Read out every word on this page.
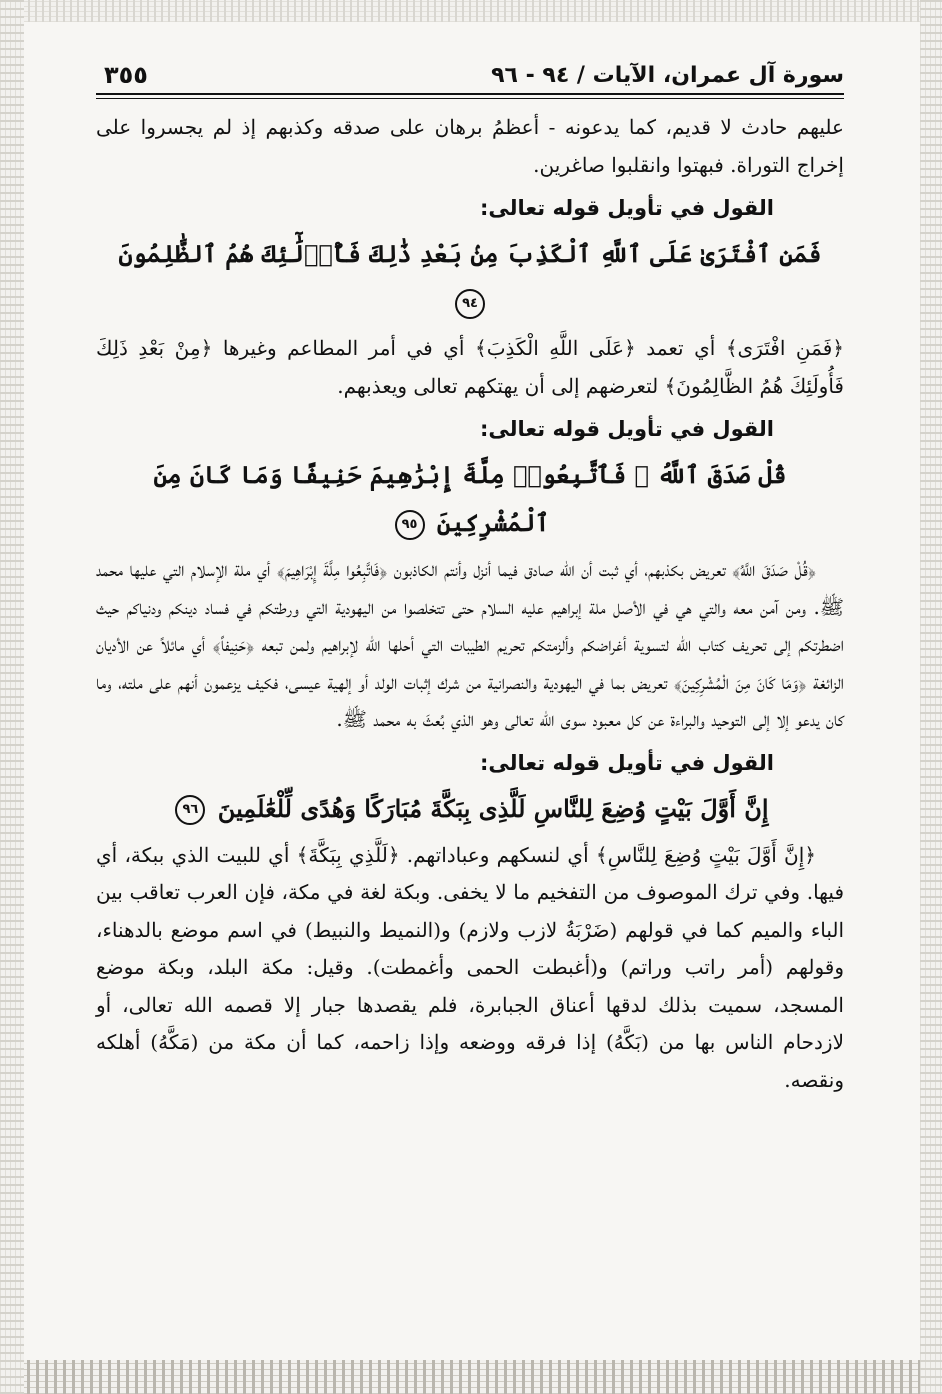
سورة آل عمران، الآيات / ٩٤ - ٩٦
٣٥٥

عليهم حادث لا قديم، كما يدعونه - أعظمُ برهان على صدقه وكذبهم إذ لم يجسروا على إخراج التوراة. فبهتوا وانقلبوا صاغرين.

القول في تأويل قوله تعالى:

فَمَنِ ٱفْتَرَىٰ عَلَى ٱللَّهِ ٱلْكَذِبَ مِنۢ بَعْدِ ذَٰلِكَ فَأُو۟لَٰٓئِكَ هُمُ ٱلظَّٰلِمُونَ ٩٤

﴿فَمَنِ افْتَرَى﴾ أي تعمد ﴿عَلَى اللَّهِ الْكَذِبَ﴾ أي في أمر المطاعم وغيرها ﴿مِنْ بَعْدِ ذَلِكَ فَأُولَئِكَ هُمُ الظَّالِمُونَ﴾ لتعرضهم إلى أن يهتكهم تعالى ويعذبهم.

القول في تأويل قوله تعالى:

قُلْ صَدَقَ ٱللَّهُ ۗ فَٱتَّبِعُوا۟ مِلَّةَ إِبْرَٰهِيمَ حَنِيفًا وَمَا كَانَ مِنَ ٱلْمُشْرِكِينَ ٩٥

﴿قُلْ صَدَقَ اللَّهُ﴾ تعريض بكذبهم، أي ثبت أن الله صادق فيما أنزل وأنتم الكاذبون ﴿فَاتَّبِعُوا مِلَّةَ إِبْرَاهِيمَ﴾ أي ملة الإسلام التي عليها محمد ﷺ. ومن آمن معه والتي هي في الأصل ملة إبراهيم عليه السلام حتى تتخلصوا من اليهودية التي ورطتكم في فساد دينكم ودنياكم حيث اضطرتكم إلى تحريف كتاب الله لتسوية أغراضكم وألزمتكم تحريم الطيبات التي أحلها الله لإبراهيم ولمن تبعه ﴿حَنِيفاً﴾ أي مائلاً عن الأديان الزائغة ﴿وَمَا كَانَ مِنَ الْمُشْرِكِينَ﴾ تعريض بما في اليهودية والنصرانية من شرك إثبات الولد أو إلهية عيسى، فكيف يزعمون أنهم على ملته، وما كان يدعو إلا إلى التوحيد والبراءة عن كل معبود سوى الله تعالى وهو الذي بُعثَ به محمد ﷺ.

القول في تأويل قوله تعالى:

إِنَّ أَوَّلَ بَيْتٍ وُضِعَ لِلنَّاسِ لَلَّذِى بِبَكَّةَ مُبَارَكًا وَهُدًى لِّلْعَٰلَمِينَ ٩٦

﴿إِنَّ أَوَّلَ بَيْتٍ وُضِعَ لِلنَّاسِ﴾ أي لنسكهم وعباداتهم. ﴿لَلَّذِي بِبَكَّةَ﴾ أي للبيت الذي ببكة، أي فيها. وفي ترك الموصوف من التفخيم ما لا يخفى. وبكة لغة في مكة، فإن العرب تعاقب بين الباء والميم كما في قولهم (ضَرْبَةُ لازب ولازم) و(النميط والنبيط) في اسم موضع بالدهناء، وقولهم (أمر راتب وراتم) و(أغبطت الحمى وأغمطت). وقيل: مكة البلد، وبكة موضع المسجد، سميت بذلك لدقها أعناق الجبابرة، فلم يقصدها جبار إلا قصمه الله تعالى، أو لازدحام الناس بها من (بَكَّهُ) إذا فرقه ووضعه وإذا زاحمه، كما أن مكة من (مَكَّهُ) أهلكه ونقصه.
